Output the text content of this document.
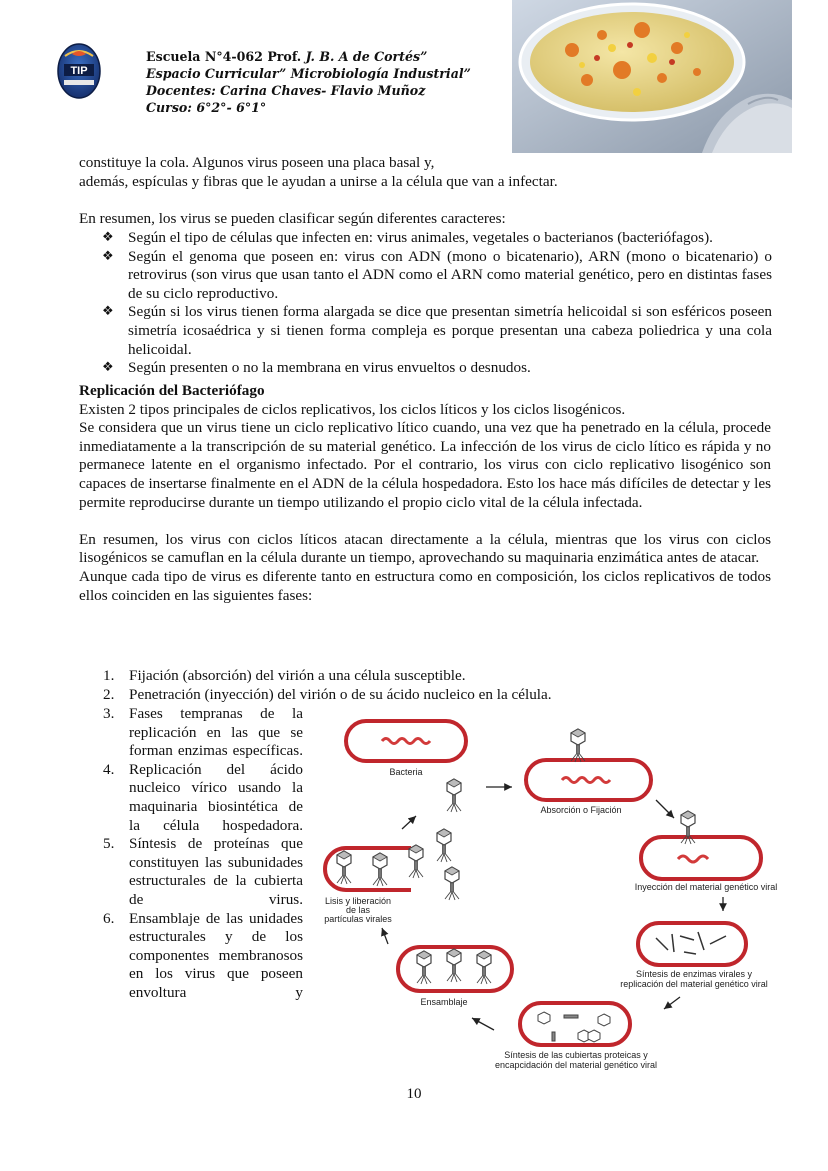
TIP
Escuela N°4-062 Prof. J. B. A de Cortés”
Espacio Curricular” Microbiología Industrial”
Docentes: Carina Chaves- Flavio Muñoz
Curso: 6°2°- 6°1°

constituye la cola. Algunos virus poseen una placa basal y,

además, espículas y fibras que le ayudan a unirse a la célula que van a infectar.

En resumen, los virus se pueden clasificar según diferentes caracteres:

❖ Según el tipo de células que infecten en: virus animales, vegetales o bacterianos (bacteriófagos).
❖ Según el genoma que poseen en: virus con ADN (mono o bicatenario), ARN (mono o bicatenario) o retrovirus (son virus que usan tanto el ADN como el ARN como material genético, pero en distintas fases de su ciclo reproductivo.
❖ Según si los virus tienen forma alargada se dice que presentan simetría helicoidal si son esféricos poseen simetría icosaédrica y si tienen forma compleja es porque presentan una cabeza poliedrica y una cola helicoidal.
❖ Según presenten o no la membrana en virus envueltos o desnudos.

Replicación del Bacteriófago

Existen 2 tipos principales de ciclos replicativos, los ciclos líticos y los ciclos lisogénicos.

Se considera que un virus tiene un ciclo replicativo lítico cuando, una vez que ha penetrado en la célula, procede inmediatamente a la transcripción de su material genético. La infección de los virus de ciclo lítico es rápida y no permanece latente en el organismo infectado. Por el contrario, los virus con ciclo replicativo lisogénico son capaces de insertarse finalmente en el ADN de la célula hospedadora. Esto los hace más difíciles de detectar y les permite reproducirse durante un tiempo utilizando el propio ciclo vital de la célula infectada.

En resumen, los virus con ciclos líticos atacan directamente a la célula, mientras que los virus con ciclos lisogénicos se camuflan en la célula durante un tiempo, aprovechando su maquinaria enzimática antes de atacar.

Aunque cada tipo de virus es diferente tanto en estructura como en composición, los ciclos replicativos de todos ellos coinciden en las siguientes fases:

1. Fijación (absorción) del virión a una célula susceptible.
2. Penetración (inyección) del virión o de su ácido nucleico en la célula.
3. Fases tempranas de la replicación en las que se forman enzimas específicas.
4. Replicación del ácido nucleico vírico usando la maquinaria biosintética de la célula hospedadora.
5. Síntesis de proteínas que constituyen las subunidades estructurales de la cubierta de virus.
6. Ensamblaje de las unidades estructurales y de los componentes membranosos en los virus que poseen envoltura y
Bacteria
Absorción o Fijación
Inyección del material genético viral
Síntesis de enzimas virales y
replicación del material genético viral
Síntesis de las cubiertas proteicas y
encapcidación del material genético viral
Ensamblaje
Lisis y liberación
de las
partículas virales
10
